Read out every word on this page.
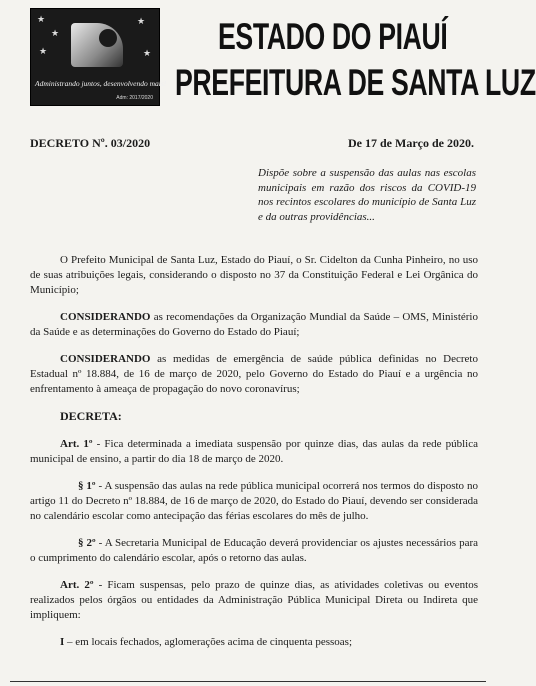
★
★
★
★
★
Administrando juntos, desenvolvendo mais!
Adm: 2017/2020
ESTADO DO PIAUÍ
PREFEITURA DE SANTA LUZ
DECRETO Nº. 03/2020	De 17 de Março de 2020.
Dispõe sobre a suspensão das aulas nas escolas municipais em razão dos riscos da COVID-19 nos recintos escolares do município de Santa Luz e da outras providências...

O Prefeito Municipal de Santa Luz, Estado do Piauí, o Sr. Cidelton da Cunha Pinheiro, no uso de suas atribuições legais, considerando o disposto no 37 da Constituição Federal e Lei Orgânica do Município;

CONSIDERANDO as recomendações da Organização Mundial da Saúde – OMS, Ministério da Saúde e as determinações do Governo do Estado do Piauí;

CONSIDERANDO as medidas de emergência de saúde pública definidas no Decreto Estadual nº 18.884, de 16 de março de 2020, pelo Governo do Estado do Piauí e a urgência no enfrentamento à ameaça de propagação do novo coronavírus;

DECRETA:

Art. 1º - Fica determinada a imediata suspensão por quinze dias, das aulas da rede pública municipal de ensino, a partir do dia 18 de março de 2020.

§ 1º - A suspensão das aulas na rede pública municipal ocorrerá nos termos do disposto no artigo 11 do Decreto nº 18.884, de 16 de março de 2020, do Estado do Piauí, devendo ser considerada no calendário escolar como antecipação das férias escolares do mês de julho.

§ 2º - A Secretaria Municipal de Educação deverá providenciar os ajustes necessários para o cumprimento do calendário escolar, após o retorno das aulas.

Art. 2º - Ficam suspensas, pelo prazo de quinze dias, as atividades coletivas ou eventos realizados pelos órgãos ou entidades da Administração Pública Municipal Direta ou Indireta que impliquem:

I – em locais fechados, aglomerações acima de cinquenta pessoas;
